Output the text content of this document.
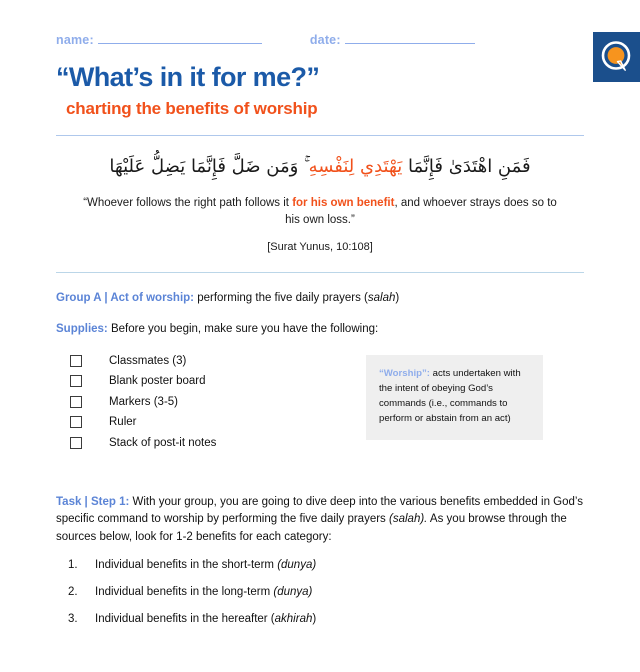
name:	date:
“What’s in it for me?”
charting the benefits of worship
فَمَنِ اهْتَدَىٰ فَإِنَّمَا يَهْتَدِي لِنَفْسِهِ ۚ وَمَن ضَلَّ فَإِنَّمَا يَضِلُّ عَلَيْهَا
“Whoever follows the right path follows it for his own benefit, and whoever strays does so to his own loss.”
[Surat Yunus, 10:108]
Group A | Act of worship: performing the five daily prayers (salah)
Supplies: Before you begin, make sure you have the following:
Classmates (3)
Blank poster board
Markers (3-5)
Ruler
Stack of post-it notes
“Worship”: acts undertaken with the intent of obeying God’s commands (i.e., commands to perform or abstain from an act)
Task | Step 1: With your group, you are going to dive deep into the various benefits embedded in God’s specific command to worship by performing the five daily prayers (salah). As you browse through the sources below, look for 1-2 benefits for each category:
1.	Individual benefits in the short-term (dunya)
2.	Individual benefits in the long-term (dunya)
3.	Individual benefits in the hereafter (akhirah)
